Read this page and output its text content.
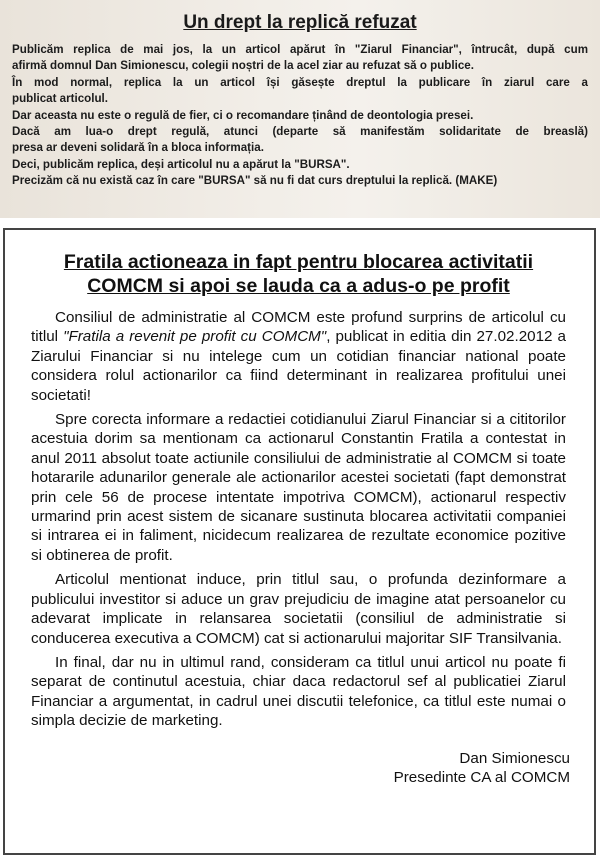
Un drept la replică refuzat

Publicăm replica de mai jos, la un articol apărut în "Ziarul Financiar", întrucât, după cum

afirmă domnul Dan Simionescu, colegii noștri de la acel ziar au refuzat să o publice.

În mod normal, replica la un articol își găsește dreptul la publicare în ziarul care a

publicat articolul.

Dar aceasta nu este o regulă de fier, ci o recomandare ținând de deontologia presei.

Dacă am lua-o drept regulă, atunci (departe să manifestăm solidaritate de breaslă)

presa ar deveni solidară în a bloca informația.

Deci, publicăm replica, deși articolul nu a apărut la "BURSA".

Precizăm că nu există caz în care "BURSA" să nu fi dat curs dreptului la replică. (MAKE)

Fratila actioneaza in fapt pentru blocarea activitatii
COMCM si apoi se lauda ca a adus-o pe profit

Consiliul de administratie al COMCM este profund surprins de articolul cu titlul "Fratila a revenit pe profit cu COMCM", publicat in editia din 27.02.2012 a Ziarului Financiar si nu intelege cum un cotidian financiar national poate considera rolul actionarilor ca fiind determinant in realizarea profitului unei societati!

Spre corecta informare a redactiei cotidianului Ziarul Financiar si a cititorilor acestuia dorim sa mentionam ca actionarul Constantin Fratila a contestat in anul 2011 absolut toate actiunile consiliului de administratie al COMCM si toate hotararile adunarilor generale ale actionarilor acestei societati (fapt demonstrat prin cele 56 de procese intentate impotriva COMCM), actionarul respectiv urmarind prin acest sistem de sicanare sustinuta blocarea activitatii companiei si intrarea ei in faliment, nicidecum realizarea de rezultate economice pozitive si obtinerea de profit.

Articolul mentionat induce, prin titlul sau, o profunda dezinformare a publicului investitor si aduce un grav prejudiciu de imagine atat persoanelor cu adevarat implicate in relansarea societatii (consiliul de administratie si conducerea executiva a COMCM) cat si actionarului majoritar SIF Transilvania.

In final, dar nu in ultimul rand, consideram ca titlul unui articol nu poate fi separat de continutul acestuia, chiar daca redactorul sef al publicatiei Ziarul Financiar a argumentat, in cadrul unei discutii telefonice, ca titlul este numai o simpla decizie de marketing.

Dan Simionescu
Presedinte CA al COMCM
